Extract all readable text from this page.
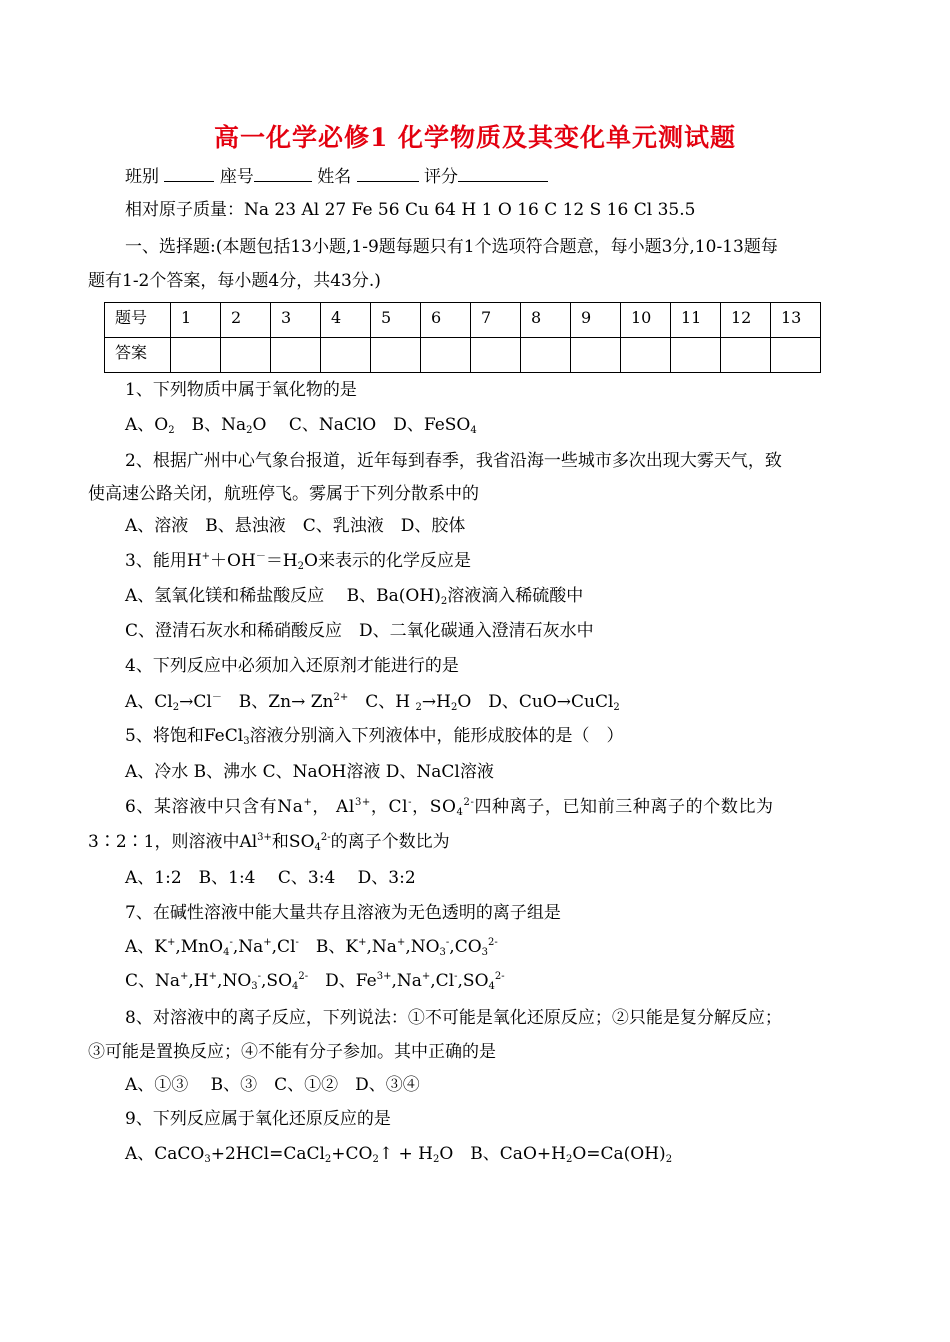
高一化学必修1 化学物质及其变化单元测试题
班别	座号	姓名	评分
相对原子质量：Na 23 Al 27 Fe 56 Cu 64 H 1 O 16 C 12 S 16 Cl 35.5
一、选择题:(本题包括13小题,1-9题每题只有1个选项符合题意，每小题3分,10-13题每
题有1-2个答案，每小题4分，共43分.)
题号	1	2	3	4	5	6	7	8	9	10	11	12	13
答案													
1、下列物质中属于氧化物的是
A、$O_2$　B、$Na_2O$　 C、NaClO　D、FeSO$_4$
2、根据广州中心气象台报道，近年每到春季，我省沿海一些城市多次出现大雾天气，致
使高速公路关闭，航班停飞。雾属于下列分散系中的
A、溶液　B、悬浊液　C、乳浊液　D、胶体
3、能用$H^++OH^-=H_2O$来表示的化学反应是
A、氢氧化镁和稀盐酸反应　 B、$Ba(OH)_2$溶液滴入稀硫酸中
C、澄清石灰水和稀硝酸反应　D、二氧化碳通入澄清石灰水中
4、下列反应中必须加入还原剂才能进行的是
A、$Cl_2\to Cl^-$　B、$Zn\to Zn^{2+}$　C、H $_2\to H_2O$　D、CuO→CuCl$_2$
5、将饱和FeCl$_3$溶液分别滴入下列液体中，能形成胶体的是（　）
A、冷水 B、沸水 C、NaOH溶液 D、NaCl溶液
6、某溶液中只含有Na+， $Al^{3+}$，Cl-，$SO_4^{2-}$四种离子，已知前三种离子的个数比为
3∶2∶1，则溶液中$Al^{3+}$和$SO_4^{2-}$的离子个数比为
A、1:2　B、1:4　 C、3:4　 D、3:2
7、在碱性溶液中能大量共存且溶液为无色透明的离子组是
A、K+,MnO$_4$-,Na+,Cl-　B、$K^+,Na^+,NO_3^-,CO_3^{2-}$
C、$Na^+,H^+,NO_3^-,SO_4^{2-}$　D、$Fe^{3+},Na^+,Cl^-,SO_4^{2-}$
8、对溶液中的离子反应，下列说法：①不可能是氧化还原反应；②只能是复分解反应；
③可能是置换反应；④不能有分子参加。其中正确的是
A、①③　 B、③　C、①②　D、③④
9、下列反应属于氧化还原反应的是
A、$CaCO_3+2HCl=CaCl_2+CO_2↑ + H_2O$　B、$CaO+H_2O=Ca(OH)_2$
